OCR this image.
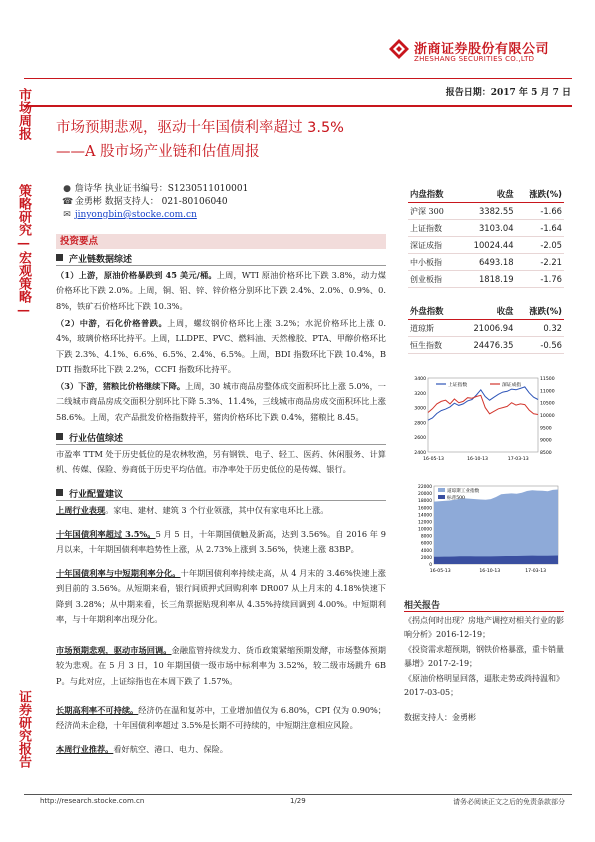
浙商证券股份有限公司
ZHESHANG SECURITIES CO.,LTD
报告日期：2017 年 5 月 7 日
市场周报
策略研究—宏观策略—
证券研究报告
市场预期悲观，驱动十年国债利率超过 3.5%
——A 股市场产业链和估值周报
● 詹诗华 执业证书编号：S1230511010001
☎ 金勇彬 数据支持人： 021-80106040
✉ jinyongbin@stocke.com.cn
投资要点
产业链数据综述
（1）上游，原油价格暴跌到 45 美元/桶。上周，WTI 原油价格环比下跌 3.8%，动力煤价格环比下跌 2.0%。上周，铜、铝、锌、锌价格分别环比下跌 2.4%、2.0%、0.9%、0.8%，铁矿石价格环比下跌 10.3%。
（2）中游，石化价格普跌。上周，螺纹钢价格环比上涨 3.2%；水泥价格环比上涨 0.4%，玻璃价格环比持平。上周，LLDPE、PVC、燃料油、天然橡胶、PTA、甲醇价格环比下跌 2.3%、4.1%、6.6%、6.5%、2.4%、6.5%。上周，BDI 指数环比下跌 10.4%，BDTI 指数环比下跌 2.2%，CCFI 指数环比持平。
（3）下游，猪粮比价格继续下降。上周，30 城市商品房整体成交面积环比上涨 5.0%，一二线城市商品房成交面积分别环比下降 5.3%、11.4%，三线城市商品房成交面积环比上涨 58.6%。上周，农产品批发价格指数持平，猪肉价格环比下跌 0.4%，猪粮比 8.45。
行业估值综述
市盈率 TTM 处于历史低位的是农林牧渔，另有钢铁、电子、轻工、医药、休闲服务、计算机、传媒、保险、券商低于历史平均估值。市净率处于历史低位的是传媒、银行。
行业配置建议
上周行业表现。家电、建材、建筑 3 个行业领涨，其中仅有家电环比上涨。
十年国债利率超过 3.5%。5 月 5 日，十年期国债触及新高，达到 3.56%。自 2016 年 9 月以来，十年期国债利率趋势性上涨，从 2.73%上涨到 3.56%，快速上涨 83BP。
十年国债利率与中短期利率分化。十年期国债利率持续走高，从 4 月末的 3.46%快速上涨到目前的 3.56%。从短期来看，银行间质押式回购利率 DR007 从上月末的 4.18%快速下降到 3.28%；从中期来看，长三角票据贴现利率从 4.35%持续回调到 4.00%。中短期利率，与十年期利率出现分化。
市场预期悲观，驱动市场回调。金融监管持续发力、货币政策紧缩预期发酵，市场整体预期较为悲观。在 5 月 3 日，10 年期国债一级市场中标利率为 3.52%，较二级市场跳升 6BP。与此对应，上证综指也在本周下跌了 1.57%。
长期高利率不可持续。经济仍在温和复苏中，工业增加值仅为 6.80%，CPI 仅为 0.90%；经济尚未企稳，十年国债利率超过 3.5%是长期不可持续的，中短期注意相应风险。
本周行业推荐。看好航空、港口、电力、保险。
内盘指数	收盘	涨跌(%)
沪深 300	3382.55	-1.66
上证指数	3103.04	-1.64
深证成指	10024.44	-2.05
中小板指	6493.18	-2.21
创业板指	1818.19	-1.76
外盘指数	收盘	涨跌(%)
道琼斯	21006.94	0.32
恒生指数	24476.35	-0.56
2400
2600
2800
3000
3200
3400
8500
9000
9500
10000
10500
11000
11500
16-05-13	16-10-13	17-03-13
上证指数	深证成指
0
2000
4000
6000
8000
10000
12000
14000
16000
18000
20000
22000
16-05-13	16-10-13	17-03-13
道琼斯工业指数
标普500
相关报告
《拐点何时出现？房地产调控对相关行业的影响分析》2016-12-19；
《投资需求超预期，钢铁价格暴涨，重卡销量暴增》2017-2-19；
《原油价格明显回落，逼胀走势或尚持温和》2017-03-05；
数据支持人：金勇彬
http://research.stocke.com.cn	1/29	请务必阅读正文之后的免责条款部分
